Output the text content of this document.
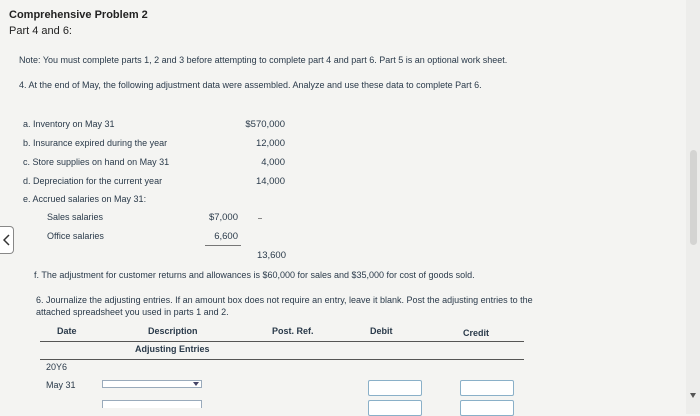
Comprehensive Problem 2
Part 4 and 6:
Note: You must complete parts 1, 2 and 3 before attempting to complete part 4 and part 6. Part 5 is an optional work sheet.
4. At the end of May, the following adjustment data were assembled. Analyze and use these data to complete Part 6.
a. Inventory on May 31	$570,000
b. Insurance expired during the year	12,000
c. Store supplies on hand on May 31	4,000
d. Depreciation for the current year	14,000
e. Accrued salaries on May 31:
Sales salaries	$7,000
Office salaries	6,600
13,600
f. The adjustment for customer returns and allowances is $60,000 for sales and $35,000 for cost of goods sold.
6. Journalize the adjusting entries. If an amount box does not require an entry, leave it blank. Post the adjusting entries to the
attached spreadsheet you used in parts 1 and 2.
Date	Description	Post. Ref.	Debit	Credit
Adjusting Entries
20Y6
May 31
